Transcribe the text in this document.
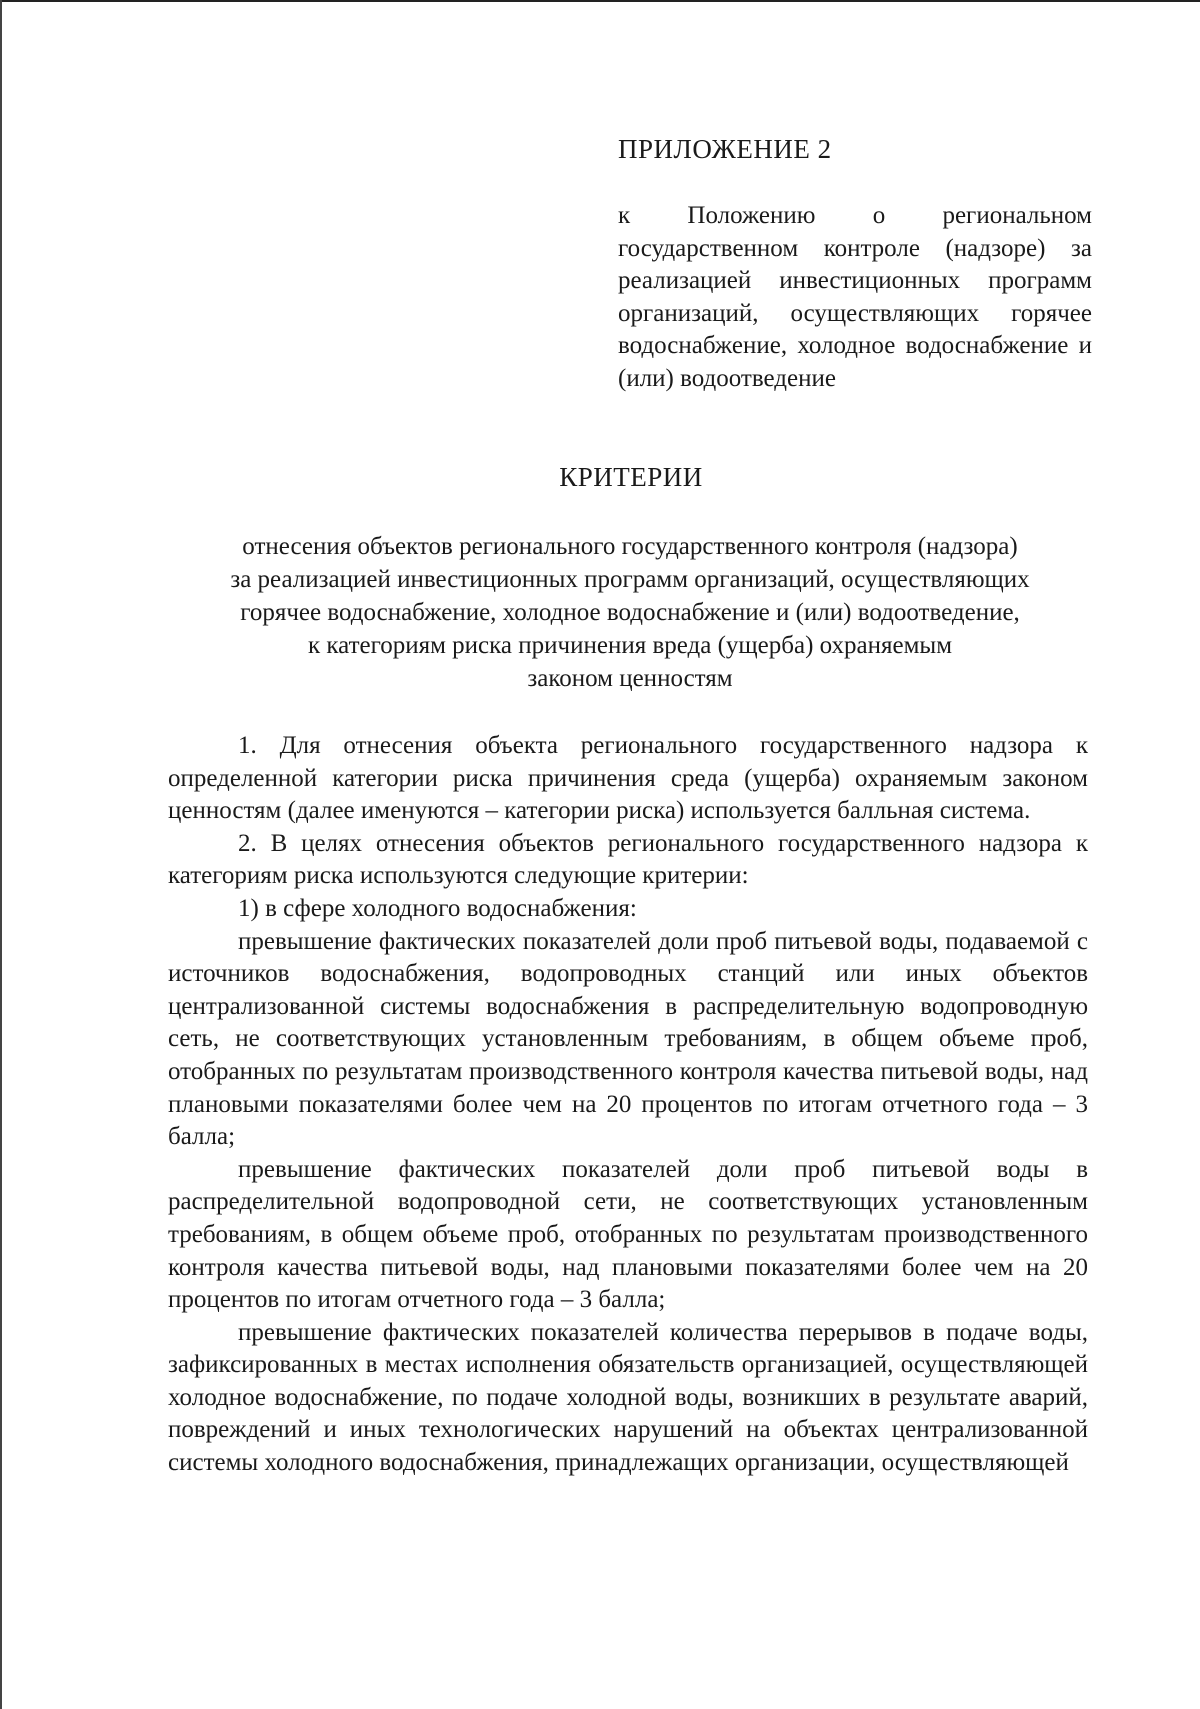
ПРИЛОЖЕНИЕ 2

к Положению о региональном государственном контроле (надзоре) за реализацией инвестиционных программ организаций, осуществляющих горячее водоснабжение, холодное водоснабжение и (или) водоотведение

КРИТЕРИИ
отнесения объектов регионального государственного контроля (надзора)
за реализацией инвестиционных программ организаций, осуществляющих
горячее водоснабжение, холодное водоснабжение и (или) водоотведение,
к категориям риска причинения вреда (ущерба) охраняемым
законом ценностям

1. Для отнесения объекта регионального государственного надзора к определенной категории риска причинения среда (ущерба) охраняемым законом ценностям (далее именуются – категории риска) используется балльная система.

2. В целях отнесения объектов регионального государственного надзора к категориям риска используются следующие критерии:

1) в сфере холодного водоснабжения:

превышение фактических показателей доли проб питьевой воды, подаваемой с источников водоснабжения, водопроводных станций или иных объектов централизованной системы водоснабжения в распределительную водопроводную сеть, не соответствующих установленным требованиям, в общем объеме проб, отобранных по результатам производственного контроля качества питьевой воды, над плановыми показателями более чем на 20 процентов по итогам отчетного года – 3 балла;

превышение фактических показателей доли проб питьевой воды в распределительной водопроводной сети, не соответствующих установленным требованиям, в общем объеме проб, отобранных по результатам производственного контроля качества питьевой воды, над плановыми показателями более чем на 20 процентов по итогам отчетного года – 3 балла;

превышение фактических показателей количества перерывов в подаче воды, зафиксированных в местах исполнения обязательств организацией, осуществляющей холодное водоснабжение, по подаче холодной воды, возникших в результате аварий, повреждений и иных технологических нарушений на объектах централизованной системы холодного водоснабжения, принадлежащих организации, осуществляющей
